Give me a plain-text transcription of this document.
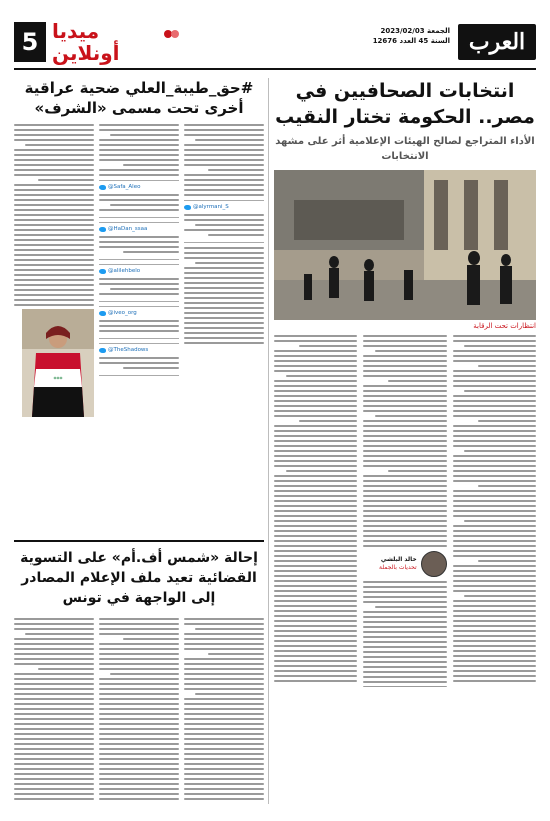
العرب
الجمعة 2023/02/03
السنة 45 العدد 12676
5 ميديا
أونلاين
انتخابات الصحافيين في مصر.. الحكومة تختار النقيب
الأداء المتراجع لصالح الهيئات الإعلامية أثر على مشهد الانتخابات
انتظارات تحت الرقابة
خالد البلشي
تحديات بالجملة
#حق_طيبة_العلي ضحية عراقية أخرى تحت مسمى «الشرف»
@alyrmani_S
@Safa_Aleo
@HaDan_ssaa
@alilehbelo
@iveo_org
@TheShadows
***
إحالة «شمس أف.أم» على التسوية القضائية تعيد ملف الإعلام المصادر إلى الواجهة في تونس
